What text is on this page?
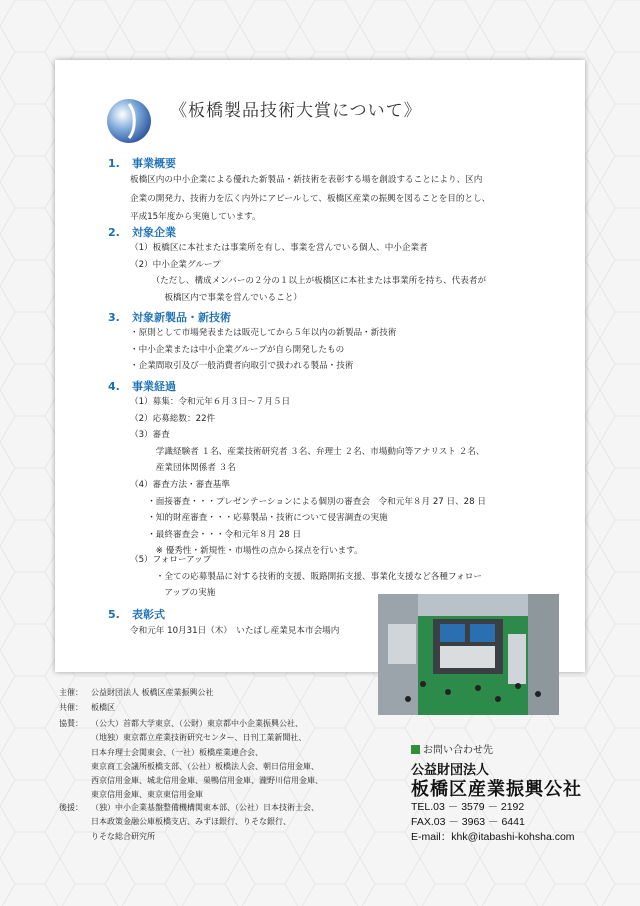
《板橋製品技術大賞について》
1. 事業概要
板橋区内の中小企業による優れた新製品・新技術を表彰する場を創設することにより、区内
企業の開発力、技術力を広く内外にアピールして、板橋区産業の振興を図ることを目的とし、
平成15年度から実施しています。
2. 対象企業
（1）板橋区に本社または事業所を有し、事業を営んでいる個人、中小企業者
（2）中小企業グループ
　　　（ただし、構成メンバーの２分の１以上が板橋区に本社または事業所を持ち、代表者が
　　　　板橋区内で事業を営んでいること）
3. 対象新製品・新技術
・原則として市場発表または販売してから５年以内の新製品・新技術
・中小企業または中小企業グループが自ら開発したもの
・企業間取引及び一般消費者向取引で扱われる製品・技術
4. 事業経過
（1）募集：令和元年６月３日～７月５日
（2）応募総数：22件
（3）審査
　　　学識経験者 １名、産業技術研究者 ３名、弁理士 ２名、市場動向等アナリスト ２名、
　　　産業団体関係者 ３名
（4）審査方法・審査基準
　　・面接審査・・・プレゼンテーションによる個別の審査会　令和元年８月 27 日、28 日
　　・知的財産審査・・・応募製品・技術について侵害調査の実施
　　・最終審査会・・・令和元年８月 28 日
　　　※ 優秀性・新規性・市場性の点から採点を行います。
（5）フォローアップ
　　　・全ての応募製品に対する技術的支援、販路開拓支援、事業化支援など各種フォロー
　　　　アップの実施
5. 表彰式
令和元年 10月31日（木）　いたばし産業見本市会場内
主催： 公益財団法人 板橋区産業振興公社
共催： 板橋区
協賛： （公大）首都大学東京、（公財）東京都中小企業振興公社、
（地独）東京都立産業技術研究センター、日刊工業新聞社、
日本弁理士会関東会、（一社）板橋産業連合会、
東京商工会議所板橋支部、（公社）板橋法人会、朝日信用金庫、
西京信用金庫、城北信用金庫、巣鴨信用金庫、瀧野川信用金庫、
東京信用金庫、東京東信用金庫
後援： （独）中小企業基盤整備機構関東本部、（公社）日本技術士会、
日本政策金融公庫板橋支店、みずほ銀行、りそな銀行、
りそな総合研究所
お問い合わせ先
公益財団法人
板橋区産業振興公社
TEL.03 － 3579 － 2192
FAX.03 － 3963 － 6441
E-mail：khk@itabashi-kohsha.com
